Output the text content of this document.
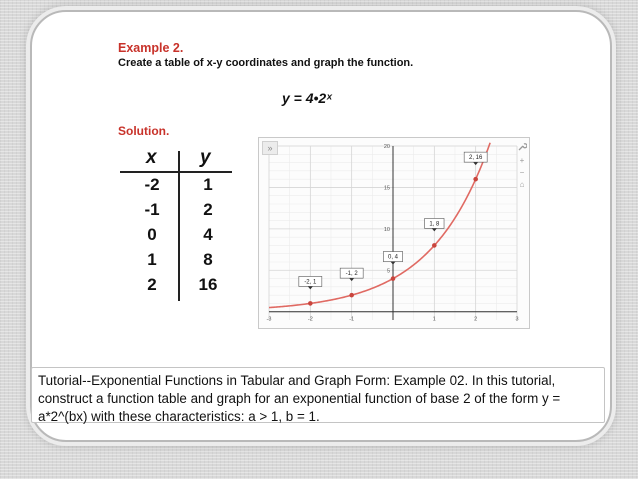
Example 2.

Create a table of x-y coordinates and graph the function.

y = 4•2ˣ
Solution.
x y
-2	1
-1	2
0	4
1	8
2	16
-3	-2	-1	1	2	3
5
10
15
20
-2, 1
-1, 2
0, 4
1, 8
2, 16
»
+
−
⌂

Tutorial--Exponential Functions in Tabular and Graph Form: Example 02. In this tutorial, construct a function table and graph for an exponential function of base 2 of the form y = a*2^(bx) with these characteristics: a > 1, b = 1.
